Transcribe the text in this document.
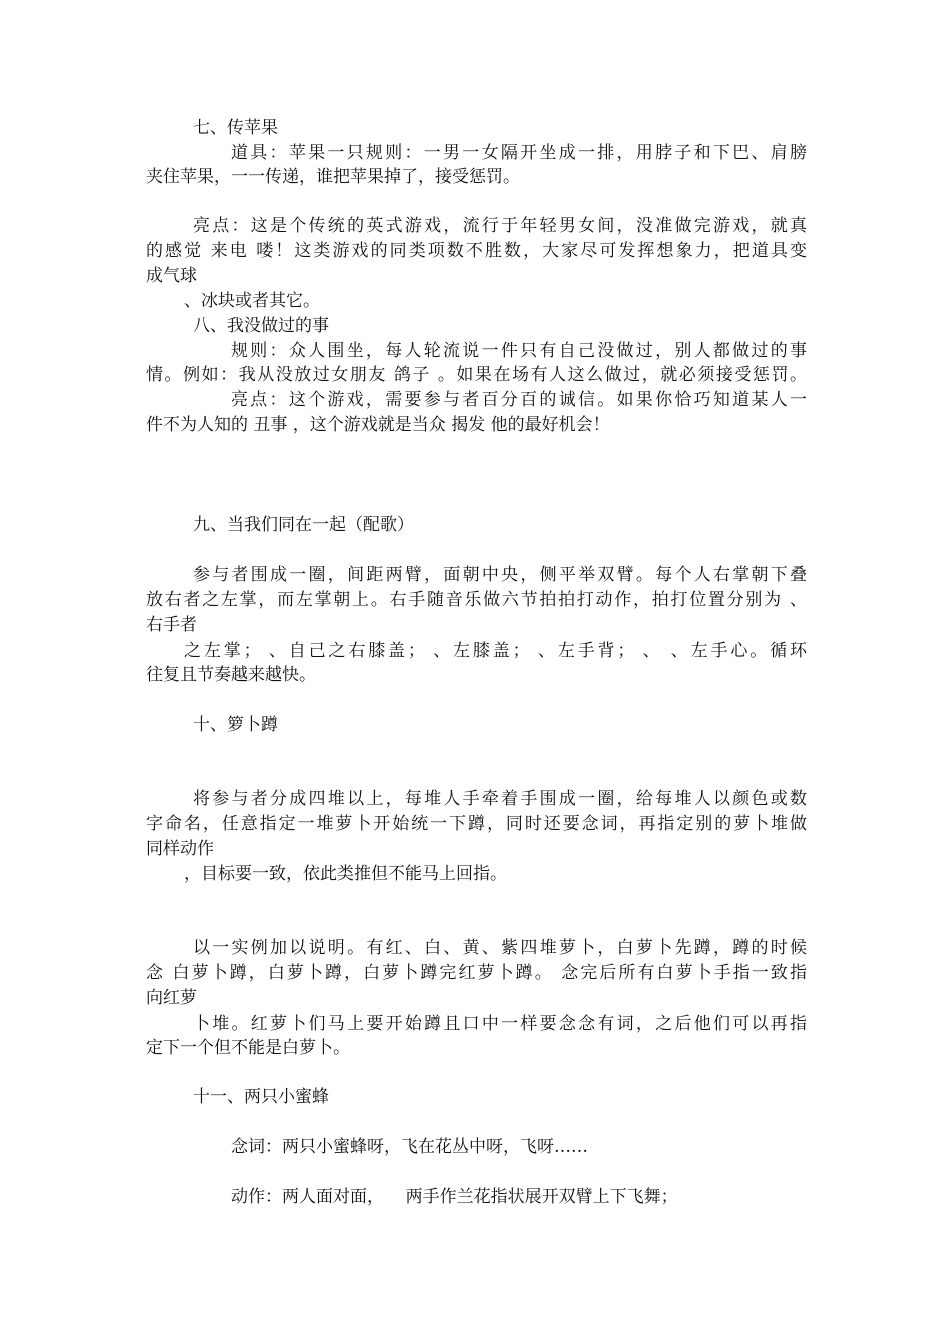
七、传苹果

道具：苹果一只规则：一男一女隔开坐成一排，用脖子和下巴、肩膀

夹住苹果，一一传递，谁把苹果掉了，接受惩罚。

亮点：这是个传统的英式游戏，流行于年轻男女间，没准做完游戏，就真

的感觉 来电 喽！这类游戏的同类项数不胜数，大家尽可发挥想象力，把道具变

成气球

、冰块或者其它。

八、我没做过的事

规则：众人围坐，每人轮流说一件只有自己没做过，别人都做过的事

情。例如：我从没放过女朋友 鸽子 。如果在场有人这么做过，就必须接受惩罚。

亮点：这个游戏，需要参与者百分百的诚信。如果你恰巧知道某人一

件不为人知的 丑事 ，这个游戏就是当众 揭发 他的最好机会！

九、当我们同在一起（配歌）

参与者围成一圈，间距两臂，面朝中央，侧平举双臂。每个人右掌朝下叠

放右者之左掌，而左掌朝上。右手随音乐做六节拍拍打动作，拍打位置分别为 、

右手者

之左掌； 、自己之右膝盖； 、左膝盖； 、左手背； 、 、左手心。循环

往复且节奏越来越快。

十、箩卜蹲

将参与者分成四堆以上，每堆人手牵着手围成一圈，给每堆人以颜色或数

字命名，任意指定一堆萝卜开始统一下蹲，同时还要念词，再指定别的萝卜堆做

同样动作

，目标要一致，依此类推但不能马上回指。

以一实例加以说明。有红、白、黄、紫四堆萝卜，白萝卜先蹲，蹲的时候

念 白萝卜蹲，白萝卜蹲，白萝卜蹲完红萝卜蹲。 念完后所有白萝卜手指一致指

向红萝

卜堆。红萝卜们马上要开始蹲且口中一样要念念有词，之后他们可以再指

定下一个但不能是白萝卜。

十一、两只小蜜蜂

念词：两只小蜜蜂呀，飞在花丛中呀，飞呀……

动作：两人面对面，    两手作兰花指状展开双臂上下飞舞；
